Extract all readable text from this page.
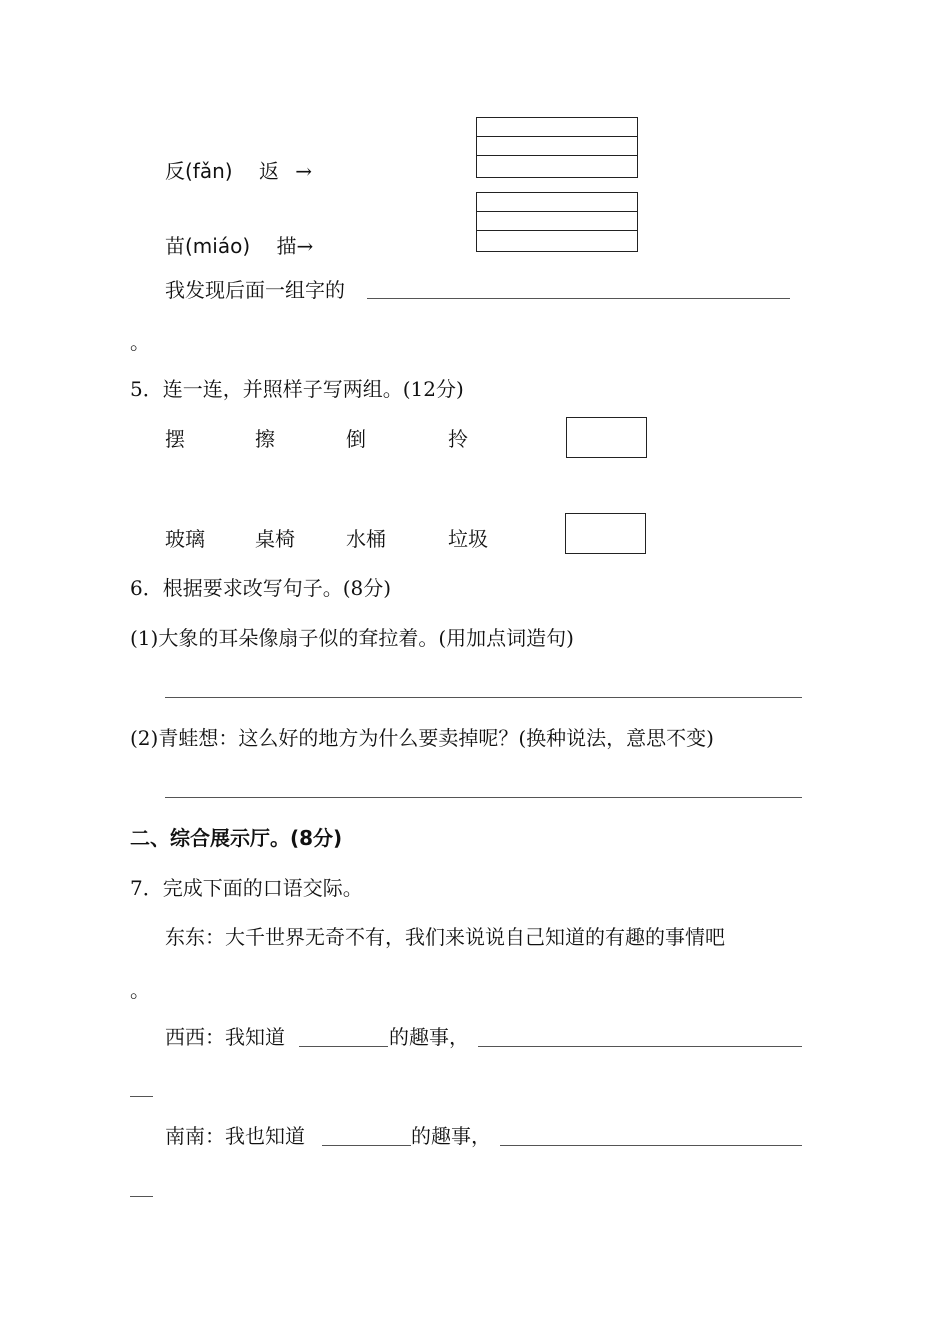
反(fǎn) 返 →
苗(miáo) 描→
我发现后面一组字的
。
5．连一连，并照样子写两组。(12分)
摆	擦	倒	拎
玻璃	桌椅	水桶	垃圾
6．根据要求改写句子。(8分)
(1)大象的耳朵像扇子似的耷拉着。(用加点词造句)
(2)青蛙想：这么好的地方为什么要卖掉呢？(换种说法，意思不变)
二、综合展示厅。(8分)
7．完成下面的口语交际。
东东：大千世界无奇不有，我们来说说自己知道的有趣的事情吧
。
西西：我知道	的趣事，
南南：我也知道	的趣事，
